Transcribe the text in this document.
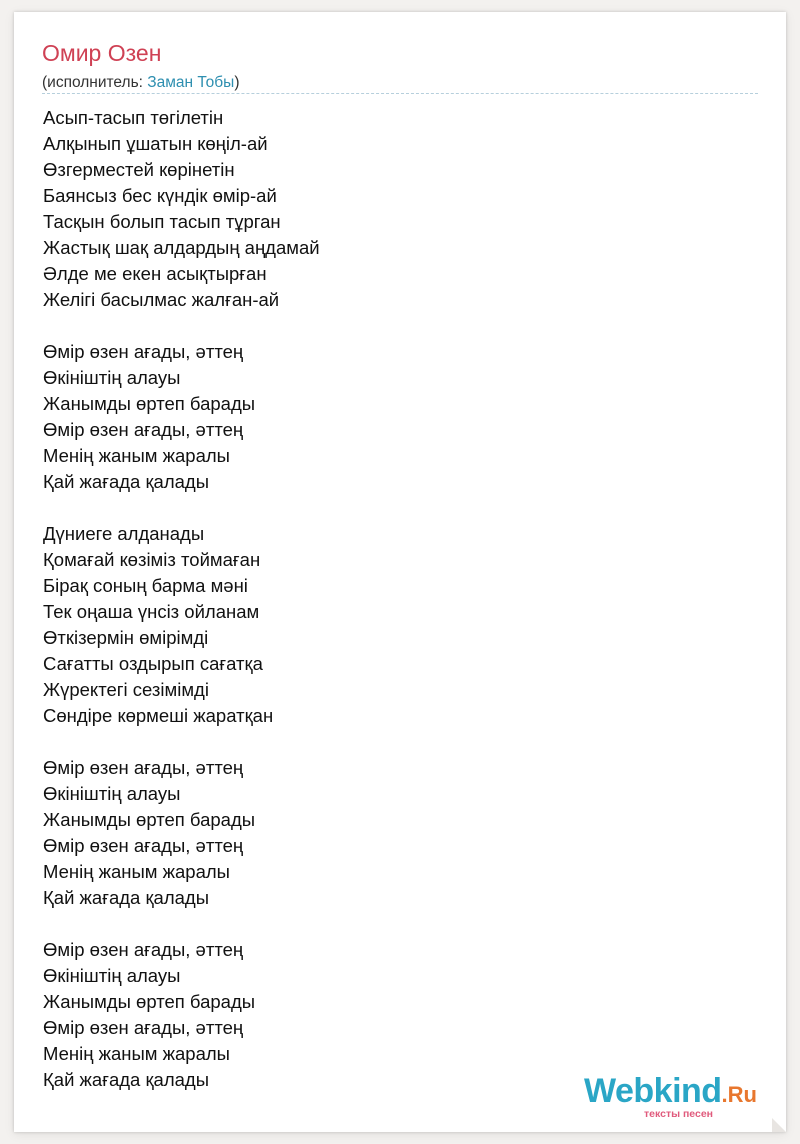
Омир Озен
(исполнитель: Заман Тобы)
Асып-тасып төгілетін
Алқынып ұшатын көңіл-ай
Өзгерместей көрінетін
Баянсыз бес күндік өмір-ай
Тасқын болып тасып тұрган
Жастық шақ алдардың аңдамай
Әлде ме екен асықтырған
Желігі басылмас жалған-ай
Өмір өзен ағады, әттең
Өкініштің алауы
Жанымды өртеп барады
Өмір өзен ағады, әттең
Менің жаным жаралы
Қай жағада қалады
Дүниеге алданады
Қомағай көзіміз тоймаған
Бірақ соның барма мәні
Тек оңаша үнсіз ойланам
Өткізермін өмірімді
Сағатты оздырып сағатқа
Жүректегі сезімімді
Сөндіре көрмеші жаратқан
Өмір өзен ағады, әттең
Өкініштің алауы
Жанымды өртеп барады
Өмір өзен ағады, әттең
Менің жаным жаралы
Қай жағада қалады
Өмір өзен ағады, әттең
Өкініштің алауы
Жанымды өртеп барады
Өмір өзен ағады, әттең
Менің жаным жаралы
Қай жағада қалады	Webkind.Ru
тексты песен
